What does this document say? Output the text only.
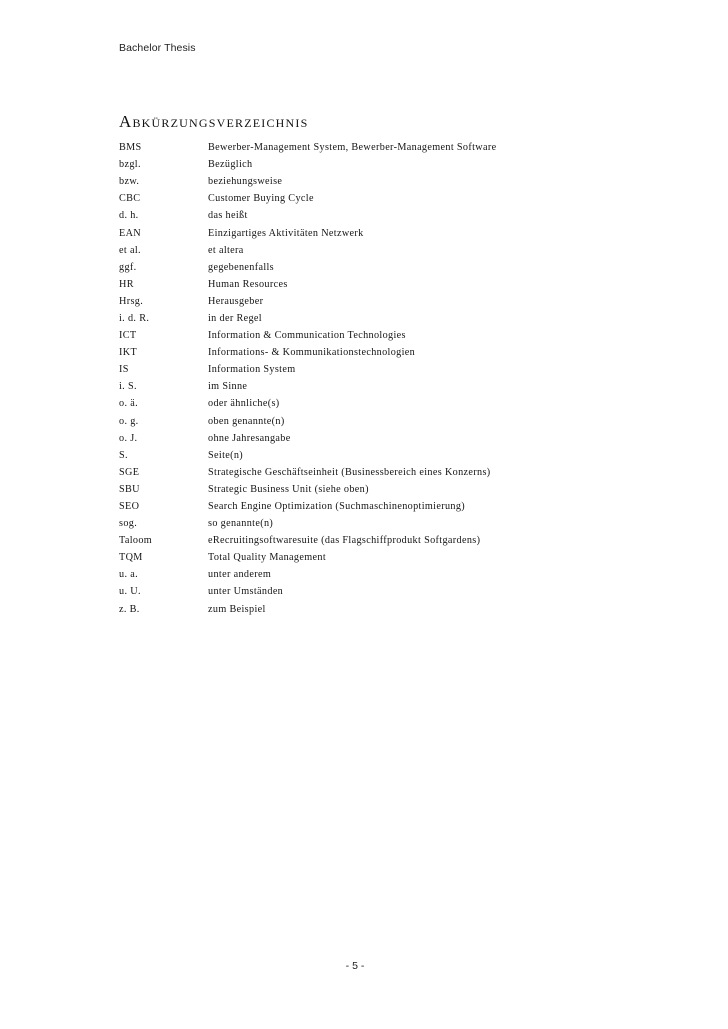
Bachelor Thesis
Abkürzungsverzeichnis
BMS	Bewerber-Management System, Bewerber-Management Software
bzgl.	Bezüglich
bzw.	beziehungsweise
CBC	Customer Buying Cycle
d. h.	das heißt
EAN	Einzigartiges Aktivitäten Netzwerk
et al.	et altera
ggf.	gegebenenfalls
HR	Human Resources
Hrsg.	Herausgeber
i. d. R.	in der Regel
ICT	Information & Communication Technologies
IKT	Informations- & Kommunikationstechnologien
IS	Information System
i. S.	im Sinne
o. ä.	oder ähnliche(s)
o. g.	oben genannte(n)
o. J.	ohne Jahresangabe
S.	Seite(n)
SGE	Strategische Geschäftseinheit (Businessbereich eines Konzerns)
SBU	Strategic Business Unit (siehe oben)
SEO	Search Engine Optimization (Suchmaschinenoptimierung)
sog.	so genannte(n)
Taloom	eRecruitingsoftwaresuite (das Flagschiffprodukt Softgardens)
TQM	Total Quality Management
u. a.	unter anderem
u. U.	unter Umständen
z. B.	zum Beispiel
- 5 -
